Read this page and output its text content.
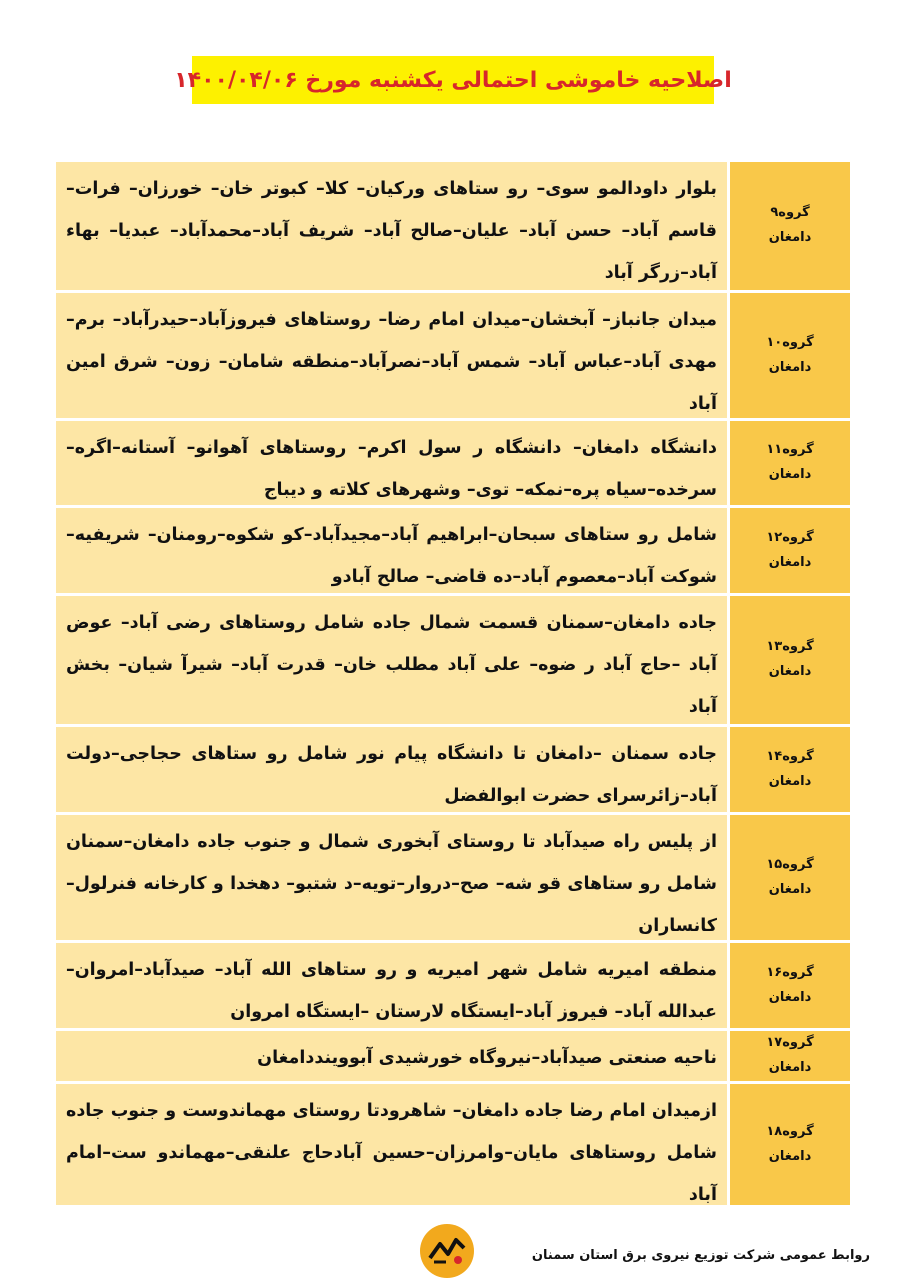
اصلاحیه خاموشی احتمالی یکشنبه مورخ ۱۴۰۰/۰۴/۰۶
گروه۹
دامغان
بلوار داودالمو سوی– رو ستاهای ورکیان– کلا– کبوتر خان– خورزان– فرات– قاسم آباد– حسن آباد– علیان–صالح آباد– شریف آباد–محمدآباد– عبدیا– بهاء آباد–زرگر آباد
گروه۱۰
دامغان
میدان جانباز– آبخشان–میدان امام رضا– روستاهای فیروزآباد–حیدرآباد– برم– مهدی آباد–عباس آباد– شمس آباد–نصرآباد–منطقه شامان– زون– شرق امین آباد
گروه۱۱
دامغان
دانشگاه دامغان– دانشگاه ر سول اکرم– روستاهای آهوانو– آستانه–اگره– سرخده–سیاه پره–نمکه– توی– وشهرهای کلاته و دیباج
گروه۱۲
دامغان
شامل رو ستاهای سبحان–ابراهیم آباد–مجیدآباد–کو شکوه–رومنان– شریفیه–شوکت آباد–معصوم آباد–ده قاضی– صالح آبادو
گروه۱۳
دامغان
جاده دامغان–سمنان قسمت شمال جاده شامل روستاهای رضی آباد– عوض آباد –حاج آباد ر ضوه– علی آباد مطلب خان– قدرت آباد– شیرآ شیان– بخش آباد
گروه۱۴
دامغان
جاده سمنان –دامغان تا دانشگاه پیام نور شامل رو ستاهای حجاجی–دولت آباد–زائرسرای حضرت ابوالفضل
گروه۱۵
دامغان
از پلیس راه صیدآباد تا روستای آبخوری شمال و جنوب جاده دامغان–سمنان شامل رو ستاهای قو شه– صح–دروار–تویه–د شتبو– دهخدا و کارخانه فنرلول–کانساران
گروه۱۶
دامغان
منطقه امیریه شامل شهر امیریه و رو ستاهای الله آباد– صیدآباد–امروان– عبدالله آباد– فیروز آباد–ایستگاه لارستان –ایستگاه امروان
گروه۱۷
دامغان
ناحیه صنعتی صیدآباد–نیروگاه خورشیدی آبووینددامغان
گروه۱۸
دامغان
ازمیدان امام رضا جاده دامغان– شاهرودتا روستای مهماندوست و جنوب جاده شامل روستاهای مایان–وامرزان–حسین آبادحاج علنقی–مهماندو ست–امام آباد
روابط عمومی شرکت توزیع نیروی برق استان سمنان
